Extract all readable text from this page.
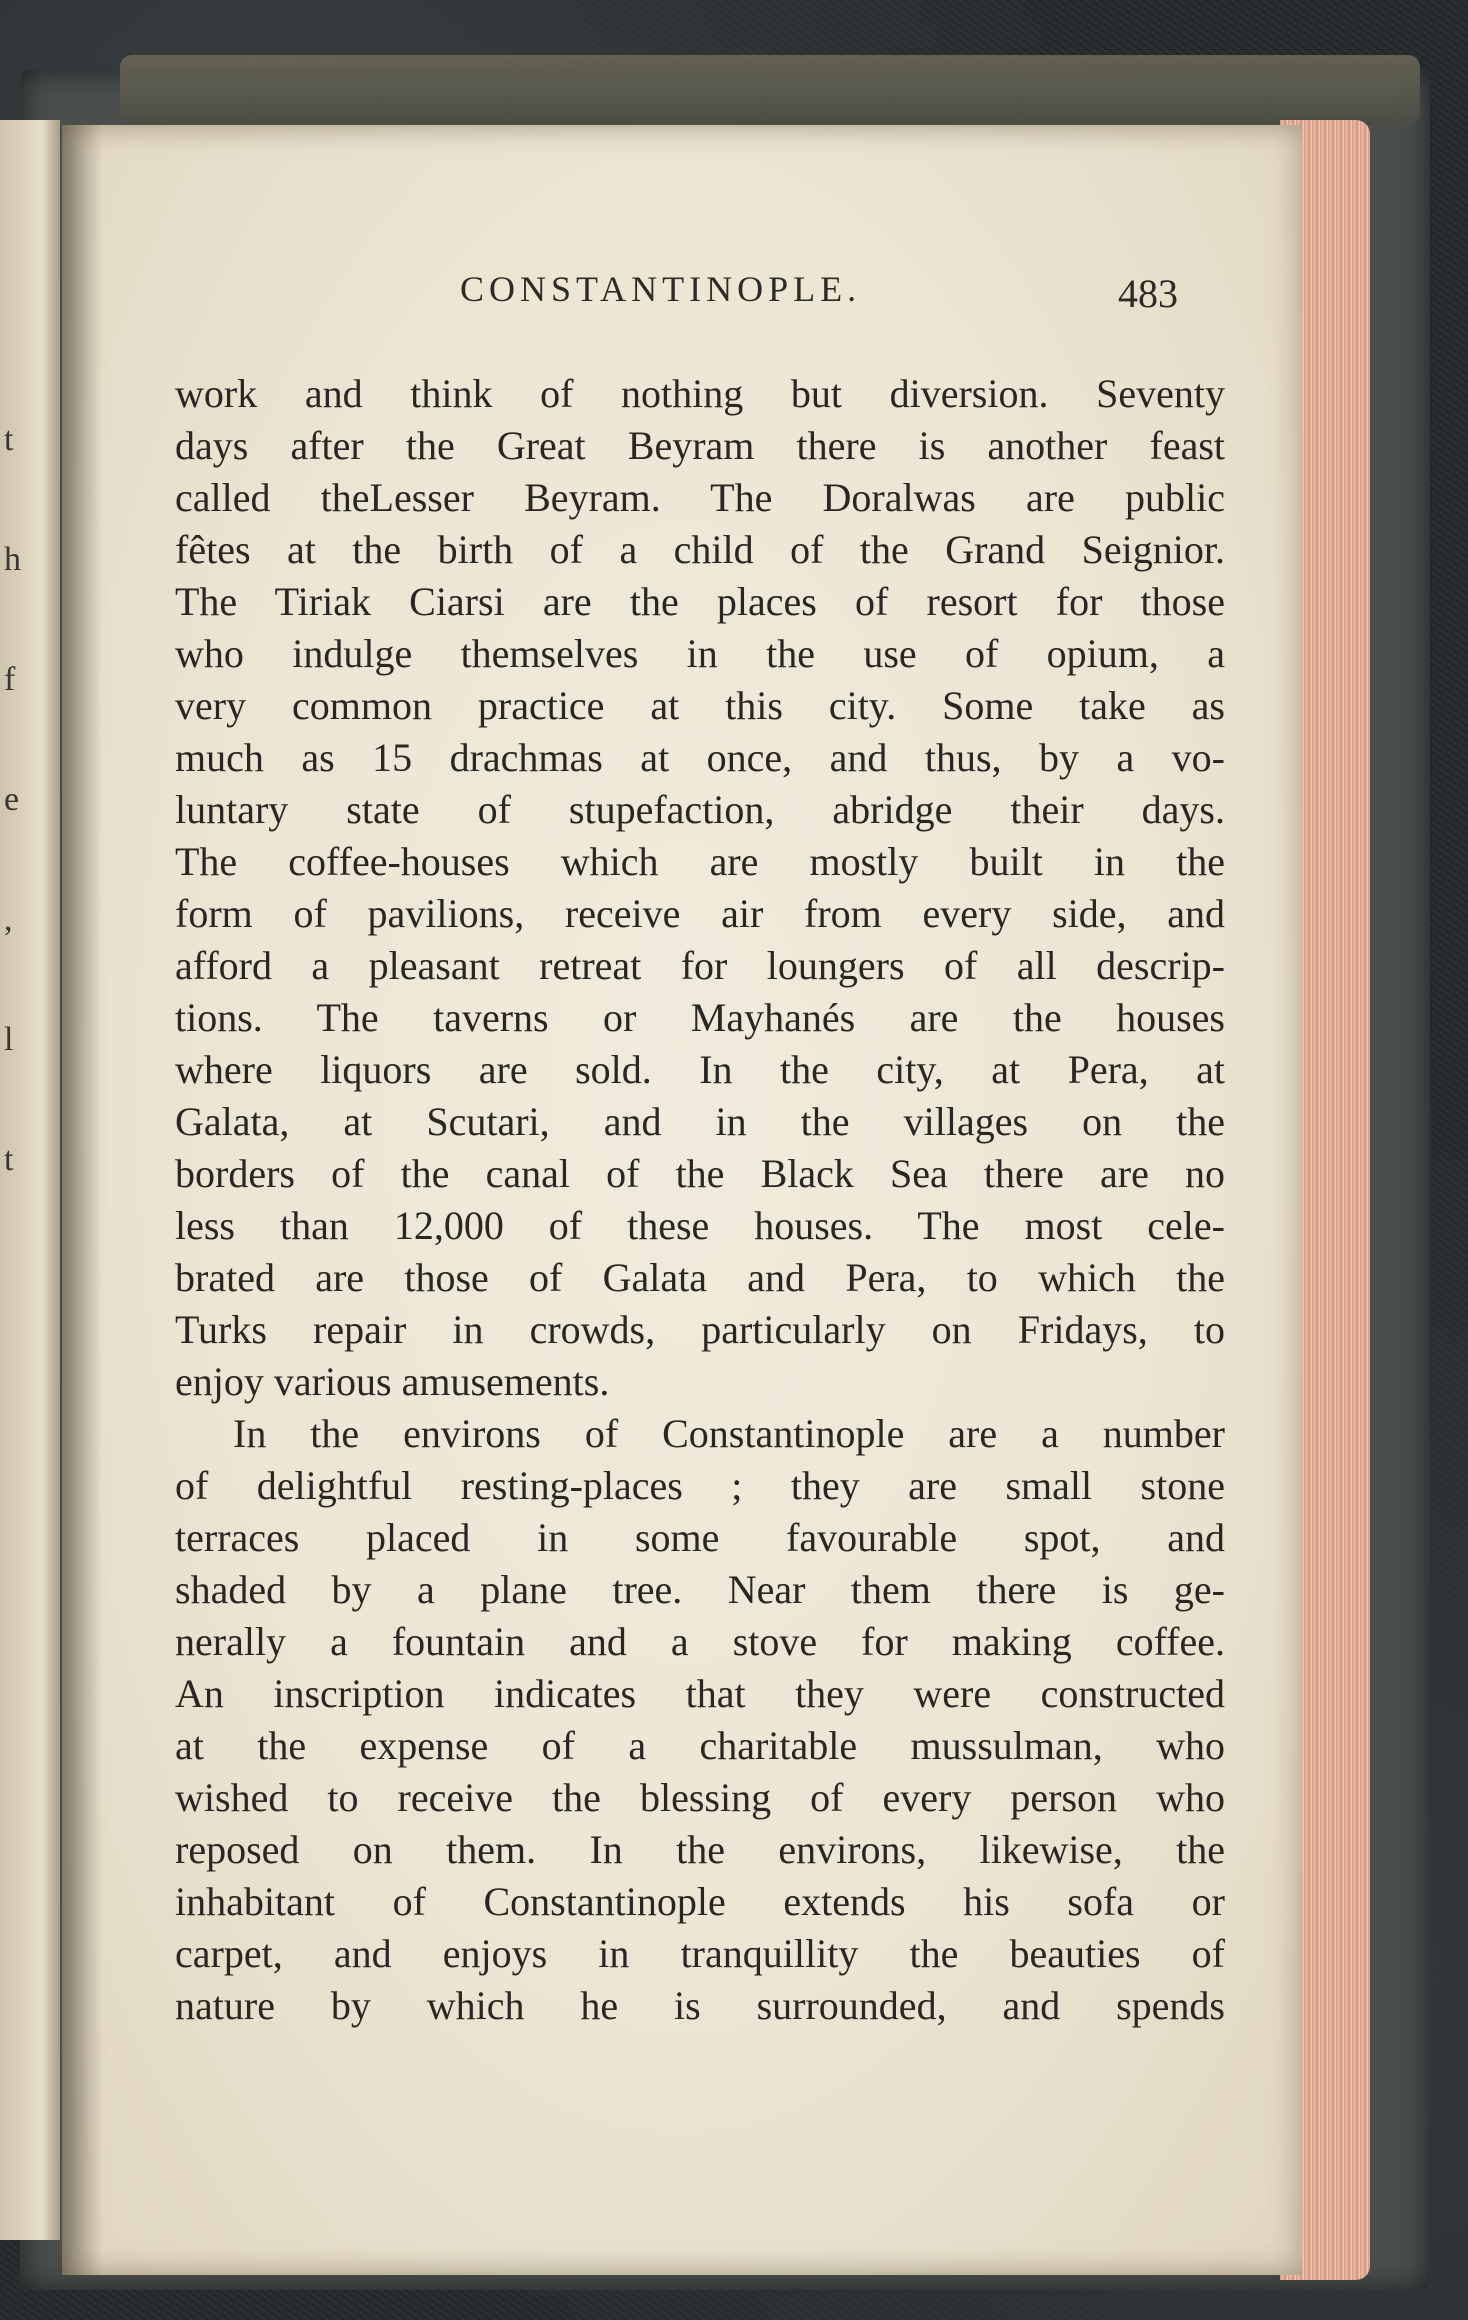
t
h
f
e
,
l
t
CONSTANTINOPLE.	483
work and think of nothing but diversion. Seventy
days after the Great Beyram there is another feast
called theLesser Beyram. The Doralwas are public
fêtes at the birth of a child of the Grand Seignior.
The Tiriak Ciarsi are the places of resort for those
who indulge themselves in the use of opium, a
very common practice at this city. Some take as
much as 15 drachmas at once, and thus, by a vo-
luntary state of stupefaction, abridge their days.
The coffee-houses which are mostly built in the
form of pavilions, receive air from every side, and
afford a pleasant retreat for loungers of all descrip-
tions. The taverns or Mayhanés are the houses
where liquors are sold. In the city, at Pera, at
Galata, at Scutari, and in the villages on the
borders of the canal of the Black Sea there are no
less than 12,000 of these houses. The most cele-
brated are those of Galata and Pera, to which the
Turks repair in crowds, particularly on Fridays, to
enjoy various amusements.
In the environs of Constantinople are a number
of delightful resting-places ; they are small stone
terraces placed in some favourable spot, and
shaded by a plane tree. Near them there is ge-
nerally a fountain and a stove for making coffee.
An inscription indicates that they were constructed
at the expense of a charitable mussulman, who
wished to receive the blessing of every person who
reposed on them. In the environs, likewise, the
inhabitant of Constantinople extends his sofa or
carpet, and enjoys in tranquillity the beauties of
nature by which he is surrounded, and spends
